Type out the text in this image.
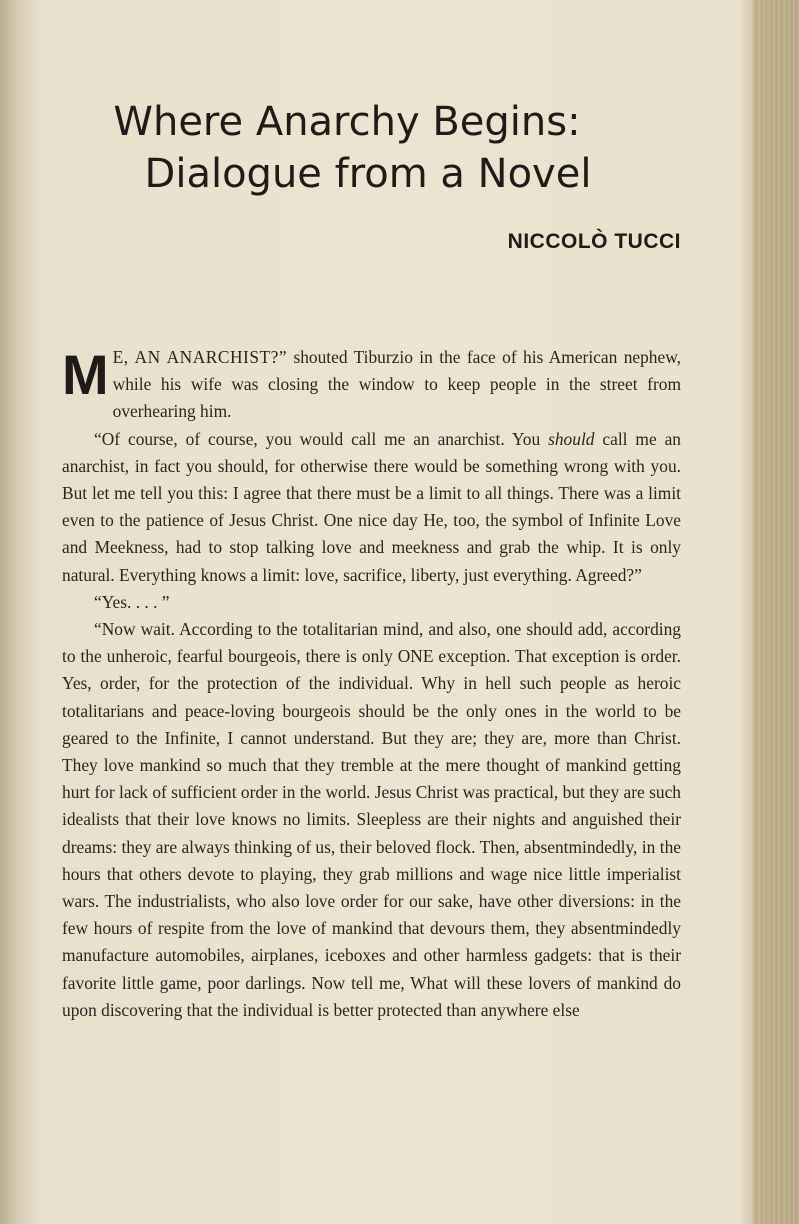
Where Anarchy Begins:
Dialogue from a Novel
NICCOLÒ TUCCI

M E, AN ANARCHIST?” shouted Tiburzio in the face of his American nephew, while his wife was closing the window to keep people in the street from overhearing him.

“Of course, of course, you would call me an anarchist. You should call me an anarchist, in fact you should, for otherwise there would be something wrong with you. But let me tell you this: I agree that there must be a limit to all things. There was a limit even to the patience of Jesus Christ. One nice day He, too, the symbol of Infinite Love and Meekness, had to stop talking love and meekness and grab the whip. It is only natural. Everything knows a limit: love, sacrifice, liberty, just everything. Agreed?”

“Yes. . . . ”

“Now wait. According to the totalitarian mind, and also, one should add, according to the unheroic, fearful bourgeois, there is only ONE exception. That exception is order. Yes, order, for the protection of the individual. Why in hell such people as heroic totalitarians and peace-loving bourgeois should be the only ones in the world to be geared to the Infinite, I cannot understand. But they are; they are, more than Christ. They love mankind so much that they tremble at the mere thought of mankind getting hurt for lack of sufficient order in the world. Jesus Christ was practical, but they are such idealists that their love knows no limits. Sleepless are their nights and anguished their dreams: they are always thinking of us, their beloved flock. Then, absentmindedly, in the hours that others devote to playing, they grab millions and wage nice little imperialist wars. The industrialists, who also love order for our sake, have other diversions: in the few hours of respite from the love of mankind that devours them, they absentmindedly manufacture automobiles, airplanes, iceboxes and other harmless gadgets: that is their favorite little game, poor darlings. Now tell me, What will these lovers of mankind do upon discovering that the individual is better protected than anywhere else
